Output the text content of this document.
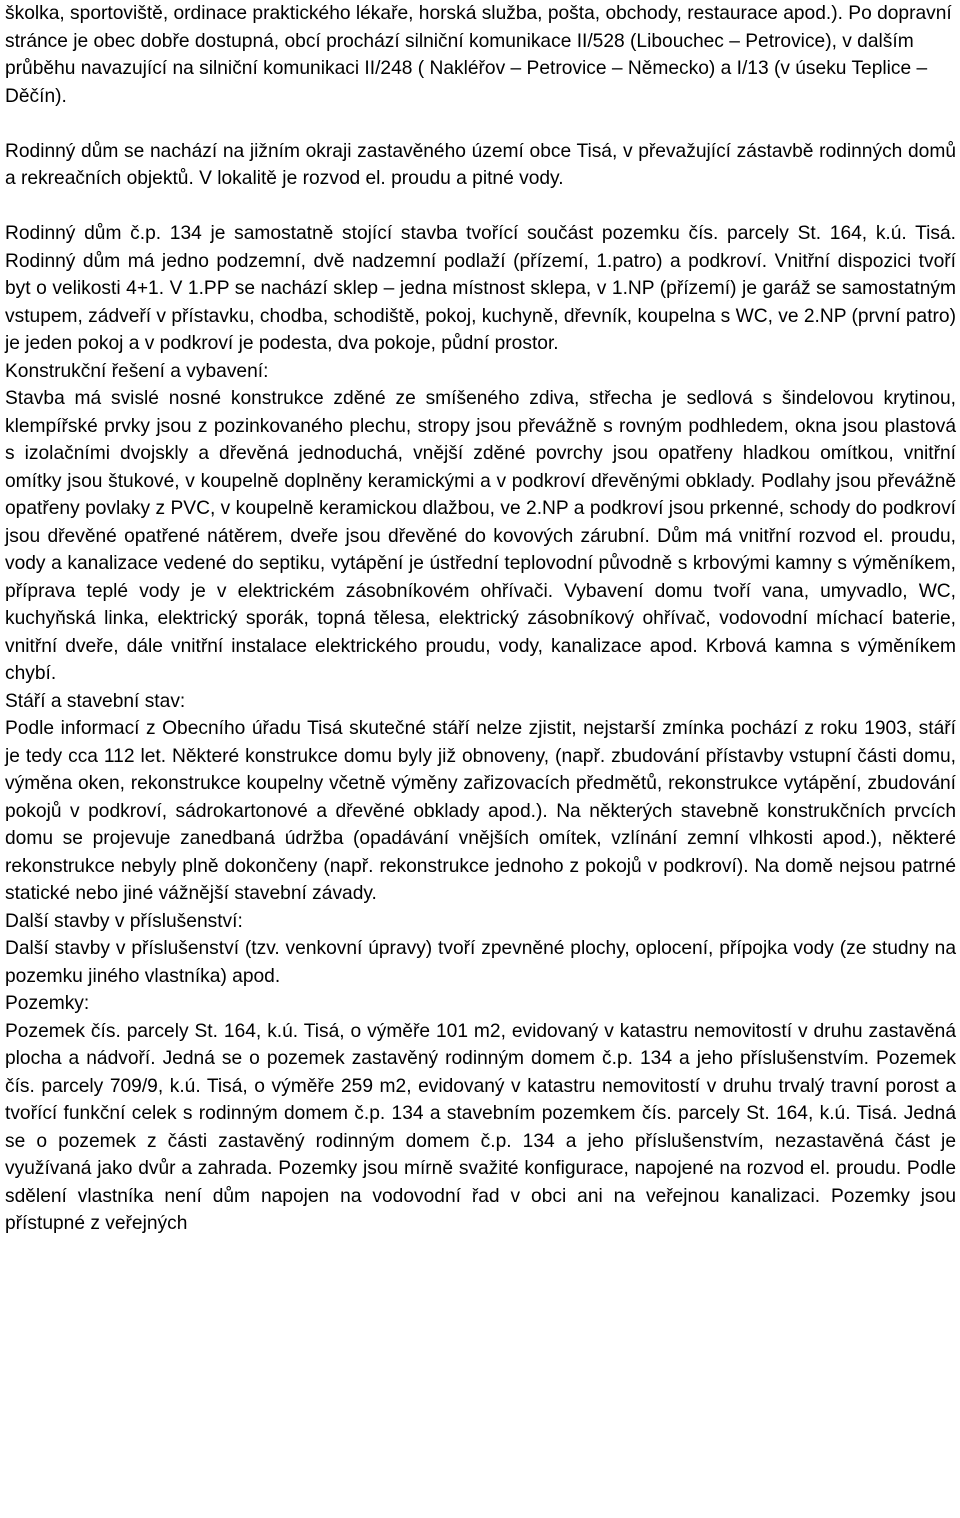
školka, sportoviště, ordinace praktického lékaře, horská služba, pošta, obchody, restaurace apod.). Po dopravní stránce je obec dobře dostupná, obcí prochází silniční komunikace II/528 (Libouchec – Petrovice), v dalším průběhu navazující na silniční komunikaci II/248 ( Nakléřov – Petrovice – Německo) a I/13 (v úseku Teplice – Děčín).

Rodinný dům se nachází na jižním okraji zastavěného území obce Tisá, v převažující zástavbě rodinných domů a rekreačních objektů. V lokalitě je rozvod el. proudu a pitné vody.

Rodinný dům č.p. 134 je samostatně stojící stavba tvořící součást pozemku čís. parcely St. 164, k.ú. Tisá. Rodinný dům má jedno podzemní, dvě nadzemní podlaží (přízemí, 1.patro) a podkroví. Vnitřní dispozici tvoří byt o velikosti 4+1. V 1.PP se nachází sklep – jedna místnost sklepa, v 1.NP (přízemí) je garáž se samostatným vstupem, zádveří v přístavku, chodba, schodiště, pokoj, kuchyně, dřevník, koupelna s WC, ve 2.NP (první patro) je jeden pokoj a v podkroví je podesta, dva pokoje, půdní prostor.

Konstrukční řešení a vybavení:

Stavba má svislé nosné konstrukce zděné ze smíšeného zdiva, střecha je sedlová s šindelovou krytinou, klempířské prvky jsou z pozinkovaného plechu, stropy jsou převážně s rovným podhledem, okna jsou plastová s izolačními dvojskly a dřevěná jednoduchá, vnější zděné povrchy jsou opatřeny hladkou omítkou, vnitřní omítky jsou štukové, v koupelně doplněny keramickými a v podkroví dřevěnými obklady. Podlahy jsou převážně opatřeny povlaky z PVC, v koupelně keramickou dlažbou, ve 2.NP a podkroví jsou prkenné, schody do podkroví jsou dřevěné opatřené nátěrem, dveře jsou dřevěné do kovových zárubní. Dům má vnitřní rozvod el. proudu, vody a kanalizace vedené do septiku, vytápění je ústřední teplovodní původně s krbovými kamny s výměníkem, příprava teplé vody je v elektrickém zásobníkovém ohřívači. Vybavení domu tvoří vana, umyvadlo, WC, kuchyňská linka, elektrický sporák, topná tělesa, elektrický zásobníkový ohřívač, vodovodní míchací baterie, vnitřní dveře, dále vnitřní instalace elektrického proudu, vody, kanalizace apod. Krbová kamna s výměníkem chybí.

Stáří a stavební stav:

Podle informací z Obecního úřadu Tisá skutečné stáří nelze zjistit, nejstarší zmínka pochází z roku 1903, stáří je tedy cca 112 let. Některé konstrukce domu byly již obnoveny, (např. zbudování přístavby vstupní části domu, výměna oken, rekonstrukce koupelny včetně výměny zařizovacích předmětů, rekonstrukce vytápění, zbudování pokojů v podkroví, sádrokartonové a dřevěné obklady apod.). Na některých stavebně konstrukčních prvcích domu se projevuje zanedbaná údržba (opadávání vnějších omítek, vzlínání zemní vlhkosti apod.), některé rekonstrukce nebyly plně dokončeny (např. rekonstrukce jednoho z pokojů v podkroví). Na domě nejsou patrné statické nebo jiné vážnější stavební závady.

Další stavby v příslušenství:

Další stavby v příslušenství (tzv. venkovní úpravy) tvoří zpevněné plochy, oplocení, přípojka vody (ze studny na pozemku jiného vlastníka) apod.

Pozemky:

Pozemek čís. parcely St. 164, k.ú. Tisá, o výměře 101 m2, evidovaný v katastru nemovitostí v druhu zastavěná plocha a nádvoří. Jedná se o pozemek zastavěný rodinným domem č.p. 134 a jeho příslušenstvím. Pozemek čís. parcely 709/9, k.ú. Tisá, o výměře 259 m2, evidovaný v katastru nemovitostí v druhu trvalý travní porost a tvořící funkční celek s rodinným domem č.p. 134 a stavebním pozemkem čís. parcely St. 164, k.ú. Tisá. Jedná se o pozemek z části zastavěný rodinným domem č.p. 134 a jeho příslušenstvím, nezastavěná část je využívaná jako dvůr a zahrada. Pozemky jsou mírně svažité konfigurace, napojené na rozvod el. proudu. Podle sdělení vlastníka není dům napojen na vodovodní řad v obci ani na veřejnou kanalizaci. Pozemky jsou přístupné z veřejných
